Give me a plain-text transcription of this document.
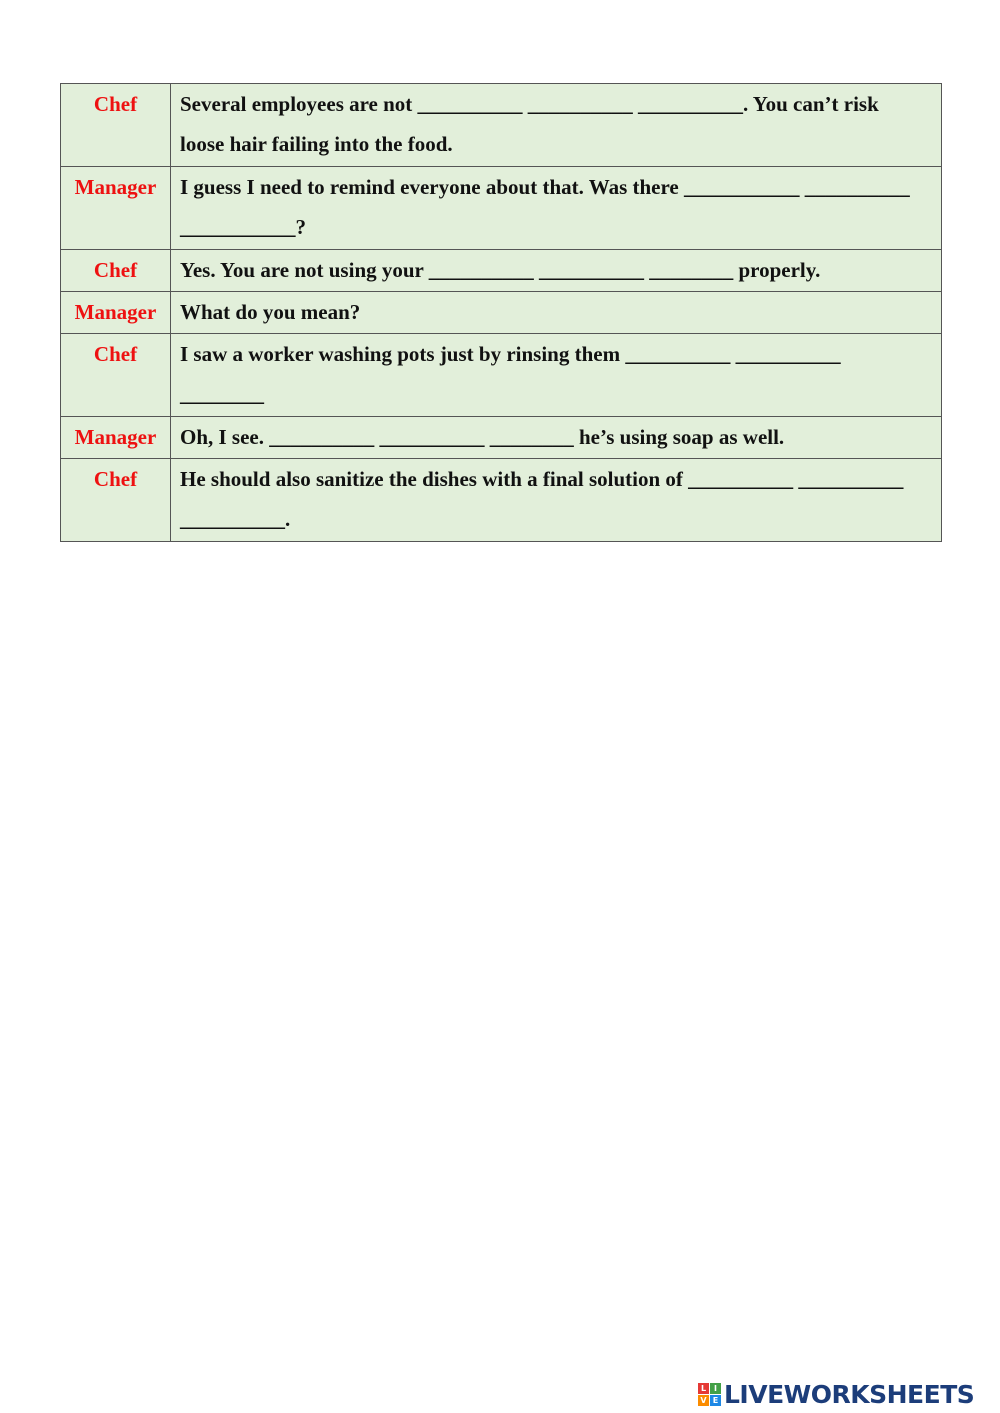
Chef	Several employees are not __________ __________ __________. You can’t risk loose hair failing into the food.
Manager	I guess I need to remind everyone about that. Was there ___________ __________ ___________?
Chef	Yes. You are not using your __________ __________ ________ properly.
Manager	What do you mean?
Chef	I saw a worker washing pots just by rinsing them __________ __________ ________
Manager	Oh, I see. __________ __________ ________ he’s using soap as well.
Chef	He should also sanitize the dishes with a final solution of __________ __________ __________.
L I
V E LIVEWORKSHEETS
